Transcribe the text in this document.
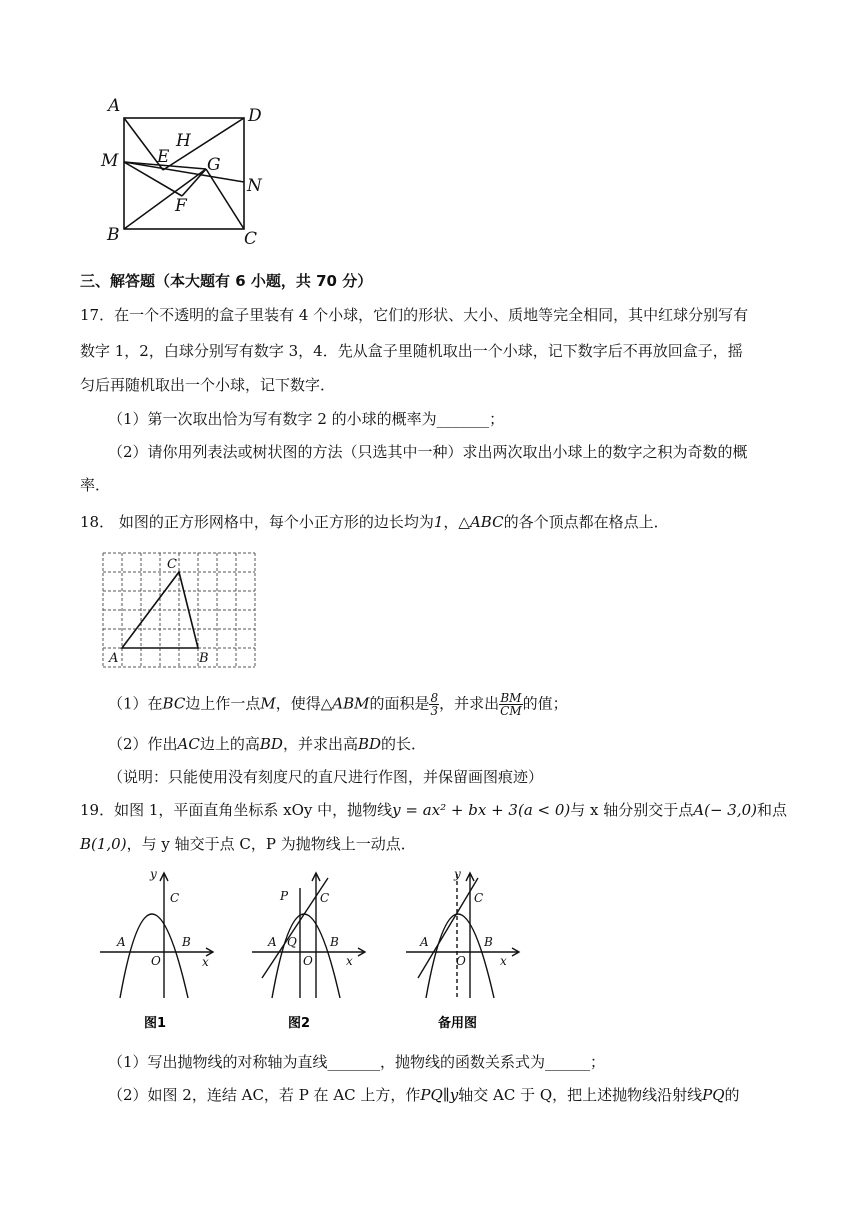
A	D
H
M E G
N
F
B	C
三、解答题（本大题有 6 小题，共 70 分）
17．在一个不透明的盒子里装有 4 个小球，它们的形状、大小、质地等完全相同，其中红球分别写有
数字 1，2，白球分别写有数字 3，4．先从盒子里随机取出一个小球，记下数字后不再放回盒子，摇
匀后再随机取出一个小球，记下数字．
（1）第一次取出恰为写有数字 2 的小球的概率为_______；
（2）请你用列表法或树状图的方法（只选其中一种）求出两次取出小球上的数字之积为奇数的概
率．
18． 如图的正方形网格中，每个小正方形的边长均为1，△ABC的各个顶点都在格点上．
C
A	B
（1）在BC边上作一点M，使得△ABM的面积是 $\frac{8}{3}$ ，并求出 $\frac{BM}{CM}$ 的值；
（2）作出AC边上的高BD，并求出高BD的长．
（说明：只能使用没有刻度尺的直尺进行作图，并保留画图痕迹）
19．如图 1，平面直角坐标系 xOy 中，抛物线y = ax² + bx + 3(a < 0)与 x 轴分别交于点A(− 3,0)和点
B(1,0)，与 y 轴交于点 C，P 为抛物线上一动点．
y
C
A	B
O	x
图1
P	C
A Q	B
O	x
图2
y
C
A	B
O	x
备用图
（1）写出抛物线的对称轴为直线_______，抛物线的函数关系式为______；
（2）如图 2，连结 AC，若 P 在 AC 上方，作PQ∥y轴交 AC 于 Q，把上述抛物线沿射线PQ的
